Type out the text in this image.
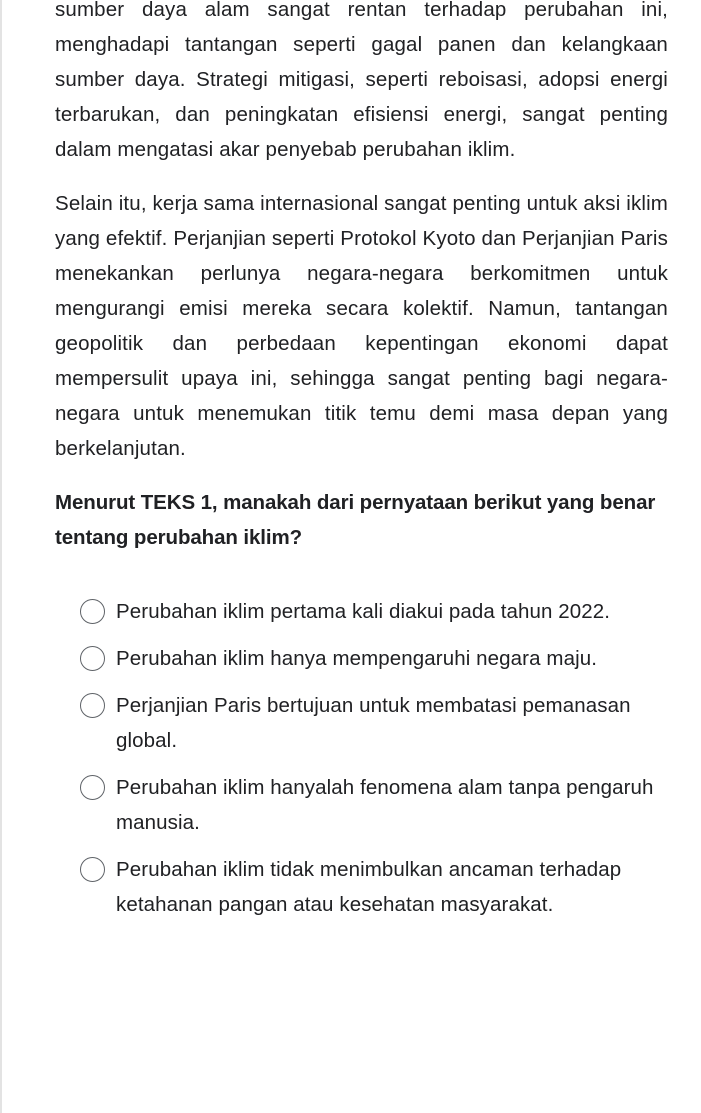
sumber daya alam sangat rentan terhadap perubahan ini, menghadapi tantangan seperti gagal panen dan kelangkaan sumber daya. Strategi mitigasi, seperti reboisasi, adopsi energi terbarukan, dan peningkatan efisiensi energi, sangat penting dalam mengatasi akar penyebab perubahan iklim.

Selain itu, kerja sama internasional sangat penting untuk aksi iklim yang efektif. Perjanjian seperti Protokol Kyoto dan Perjanjian Paris menekankan perlunya negara-negara berkomitmen untuk mengurangi emisi mereka secara kolektif. Namun, tantangan geopolitik dan perbedaan kepentingan ekonomi dapat mempersulit upaya ini, sehingga sangat penting bagi negara-negara untuk menemukan titik temu demi masa depan yang berkelanjutan.

Menurut TEKS 1, manakah dari pernyataan berikut yang benar tentang perubahan iklim?
Perubahan iklim pertama kali diakui pada tahun 2022.
Perubahan iklim hanya mempengaruhi negara maju.
Perjanjian Paris bertujuan untuk membatasi pemanasan global.
Perubahan iklim hanyalah fenomena alam tanpa pengaruh manusia.
Perubahan iklim tidak menimbulkan ancaman terhadap ketahanan pangan atau kesehatan masyarakat.
